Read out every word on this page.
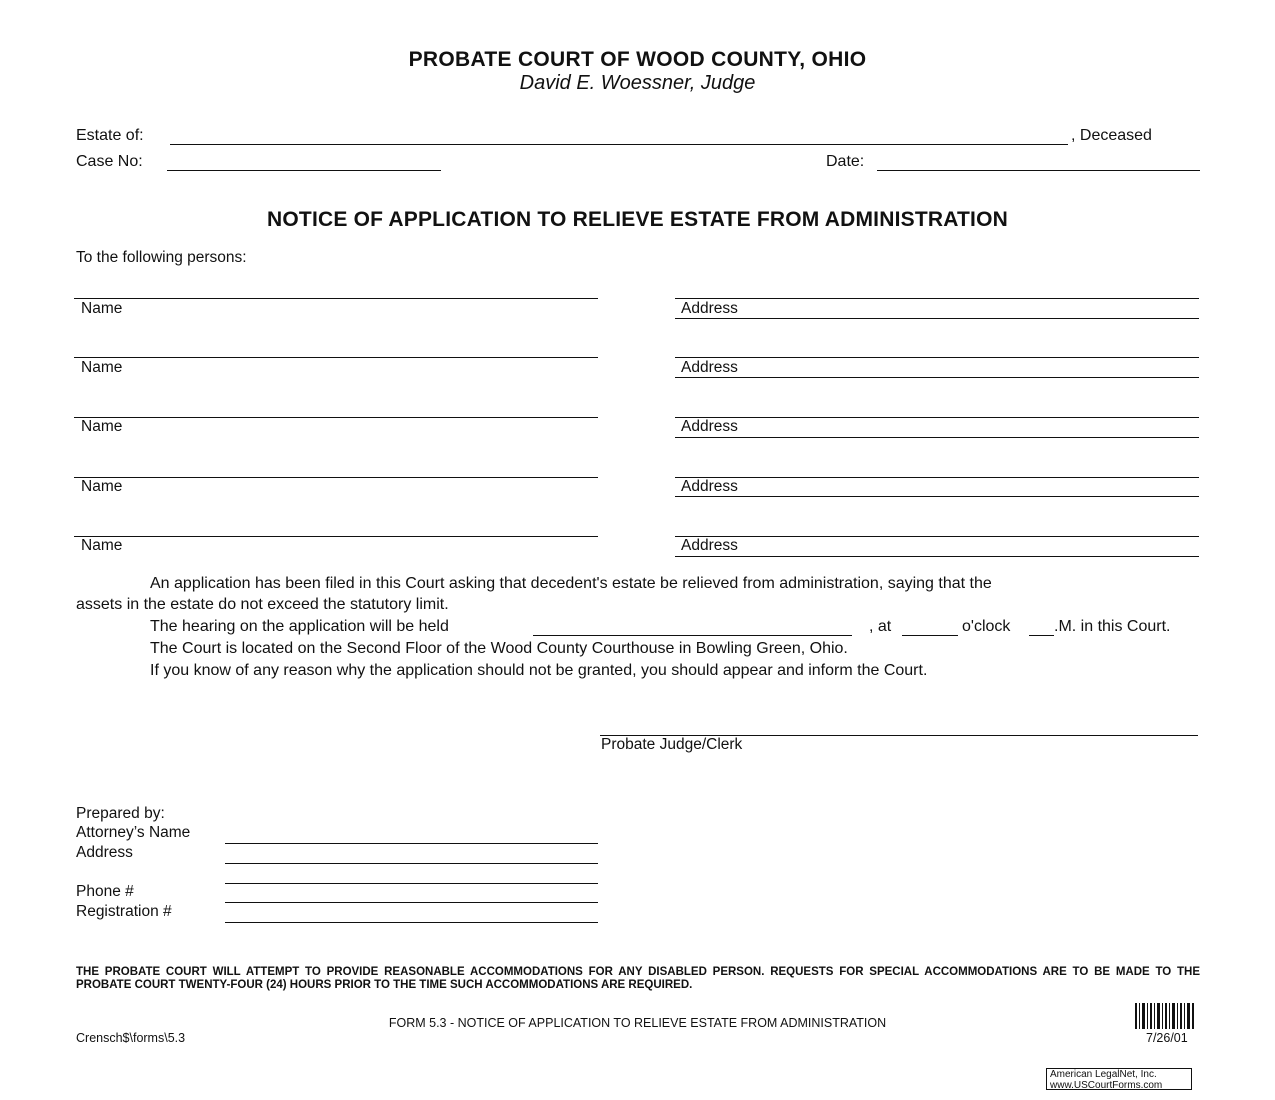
PROBATE COURT OF WOOD COUNTY, OHIO
David E. Woessner, Judge
Estate of:	, Deceased
Case No:	Date:
NOTICE OF APPLICATION TO RELIEVE ESTATE FROM ADMINISTRATION
To the following persons:
Name	Address
Name	Address
Name	Address
Name	Address
Name	Address
An application has been filed in this Court asking that decedent's estate be relieved from administration, saying that the
assets in the estate do not exceed the statutory limit.
The hearing on the application will be held	, at	o'clock	.M. in this Court.
The Court is located on the Second Floor of the Wood County Courthouse in Bowling Green, Ohio.
If you know of any reason why the application should not be granted, you should appear and inform the Court.
Probate Judge/Clerk
Prepared by:
Attorney’s Name
Address
Phone #
Registration #
THE PROBATE COURT WILL ATTEMPT TO PROVIDE REASONABLE ACCOMMODATIONS FOR ANY DISABLED PERSON. REQUESTS FOR SPECIAL ACCOMMODATIONS ARE TO BE MADE TO THE PROBATE COURT TWENTY-FOUR (24) HOURS PRIOR TO THE TIME SUCH ACCOMMODATIONS ARE REQUIRED.
FORM 5.3 - NOTICE OF APPLICATION TO RELIEVE ESTATE FROM ADMINISTRATION
Crensch$\forms\5.3	7/26/01
American LegalNet, Inc.
www.USCourtForms.com
